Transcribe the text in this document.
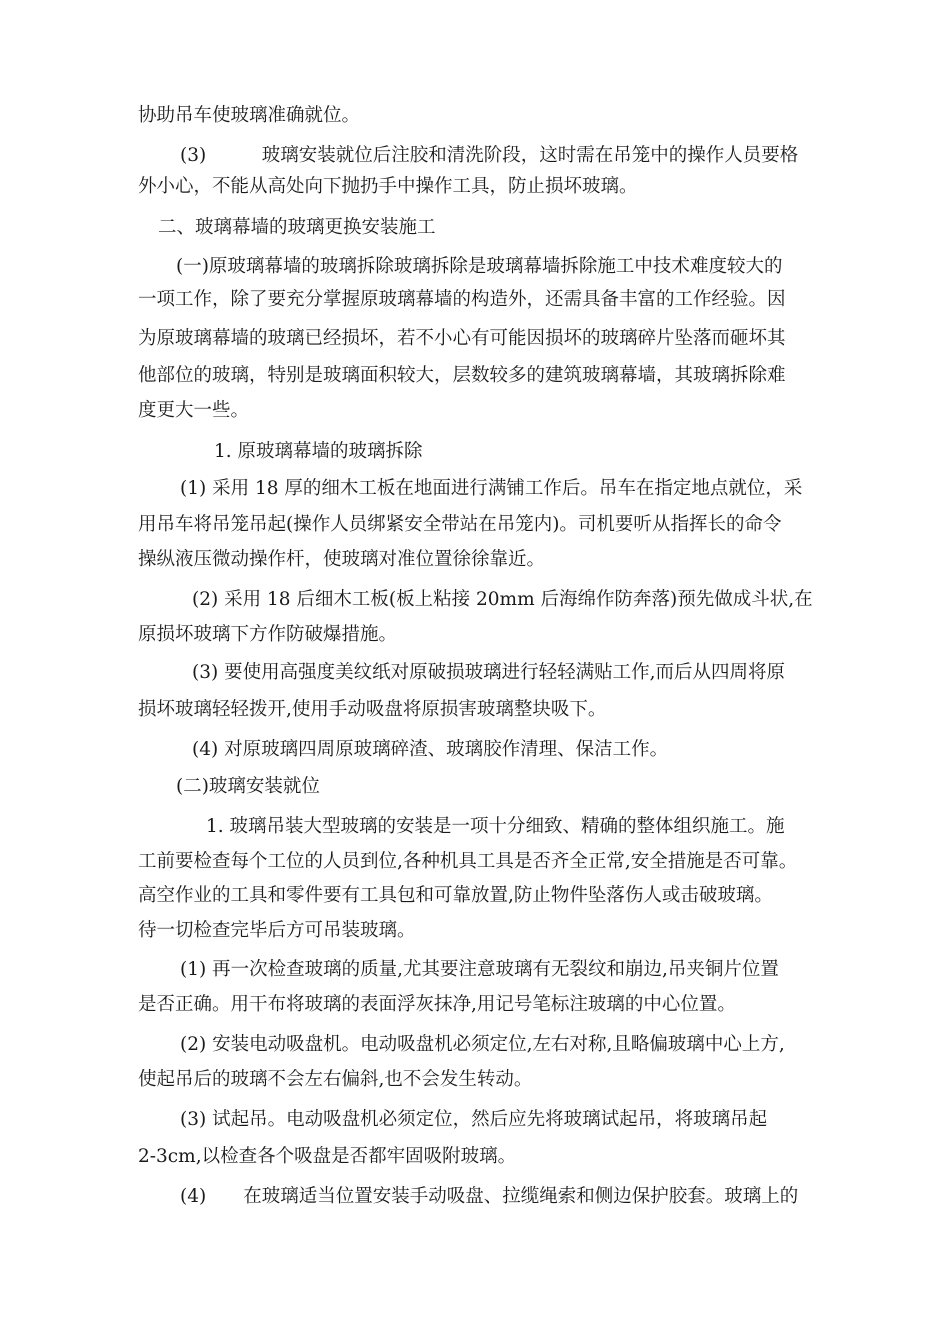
协助吊车使玻璃准确就位。
(3)　　　玻璃安装就位后注胶和清洗阶段，这时需在吊笼中的操作人员要格
外小心，不能从高处向下抛扔手中操作工具，防止损坏玻璃。
二、玻璃幕墙的玻璃更换安装施工
(一)原玻璃幕墙的玻璃拆除玻璃拆除是玻璃幕墙拆除施工中技术难度较大的
一项工作，除了要充分掌握原玻璃幕墙的构造外，还需具备丰富的工作经验。因
为原玻璃幕墙的玻璃已经损坏，若不小心有可能因损坏的玻璃碎片坠落而砸坏其
他部位的玻璃，特别是玻璃面积较大，层数较多的建筑玻璃幕墙，其玻璃拆除难
度更大一些。
1. 原玻璃幕墙的玻璃拆除
(1) 采用 18 厚的细木工板在地面进行满铺工作后。吊车在指定地点就位，采
用吊车将吊笼吊起(操作人员绑紧安全带站在吊笼内)。司机要听从指挥长的命令
操纵液压微动操作杆，使玻璃对准位置徐徐靠近。
(2) 采用 18 后细木工板(板上粘接 20mm 后海绵作防奔落)预先做成斗状,在
原损坏玻璃下方作防破爆措施。
(3) 要使用高强度美纹纸对原破损玻璃进行轻轻满贴工作,而后从四周将原
损坏玻璃轻轻拨开,使用手动吸盘将原损害玻璃整块吸下。
(4) 对原玻璃四周原玻璃碎渣、玻璃胶作清理、保洁工作。
(二)玻璃安装就位
1. 玻璃吊装大型玻璃的安装是一项十分细致、精确的整体组织施工。施
工前要检查每个工位的人员到位,各种机具工具是否齐全正常,安全措施是否可靠。
高空作业的工具和零件要有工具包和可靠放置,防止物件坠落伤人或击破玻璃。
待一切检查完毕后方可吊装玻璃。
(1) 再一次检查玻璃的质量,尤其要注意玻璃有无裂纹和崩边,吊夹铜片位置
是否正确。用干布将玻璃的表面浮灰抹净,用记号笔标注玻璃的中心位置。
(2) 安装电动吸盘机。电动吸盘机必须定位,左右对称,且略偏玻璃中心上方,
使起吊后的玻璃不会左右偏斜,也不会发生转动。
(3) 试起吊。电动吸盘机必须定位，然后应先将玻璃试起吊，将玻璃吊起
2-3cm,以检查各个吸盘是否都牢固吸附玻璃。
(4)　　在玻璃适当位置安装手动吸盘、拉缆绳索和侧边保护胶套。玻璃上的
